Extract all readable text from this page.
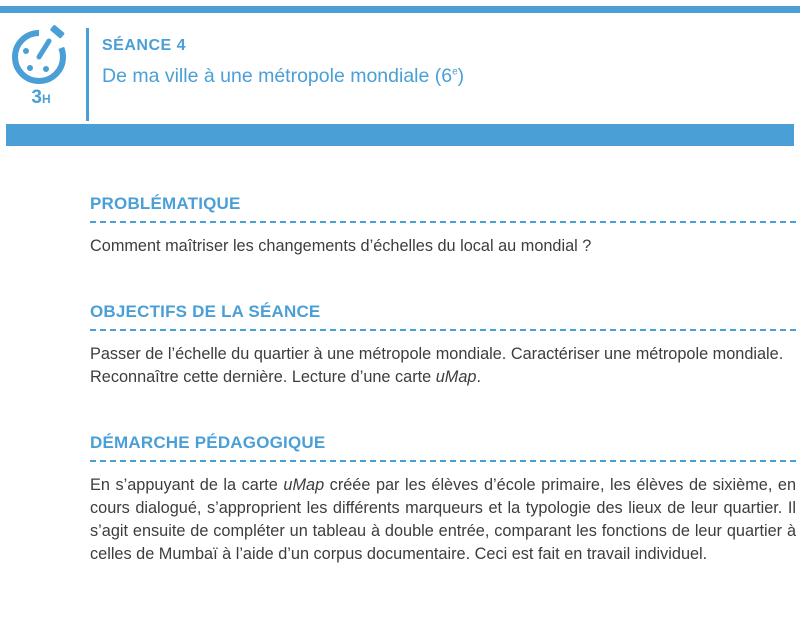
3H
SÉANCE 4
De ma ville à une métropole mondiale (6e)
PROBLÉMATIQUE
Comment maîtriser les changements d’échelles du local au mondial ?
OBJECTIFS DE LA SÉANCE
Passer de l’échelle du quartier à une métropole mondiale. Caractériser une métropole mondiale. Reconnaître cette dernière. Lecture d’une carte uMap.
DÉMARCHE PÉDAGOGIQUE
En s’appuyant de la carte uMap créée par les élèves d’école primaire, les élèves de sixième, en cours dialogué, s’approprient les différents marqueurs et la typologie des lieux de leur quartier. Il s’agit ensuite de compléter un tableau à double entrée, comparant les fonctions de leur quartier à celles de Mumbaï à l’aide d’un corpus documentaire. Ceci est fait en travail individuel.
